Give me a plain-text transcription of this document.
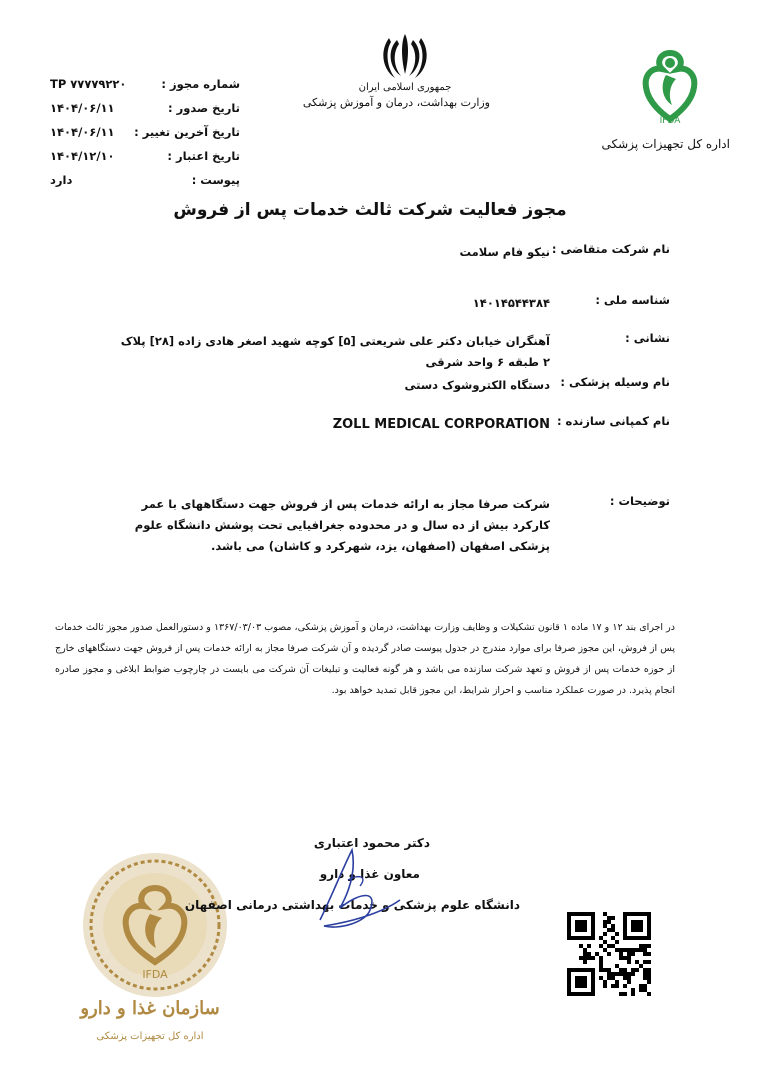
جمهوری اسلامی ایران
وزارت بهداشت، درمان و آموزش پزشکی
IFDA
اداره کل تجهیزات پزشکی
شماره مجوز :
TP ۷۷۷۷۹۲۲۰
تاریخ صدور :
۱۴۰۴/۰۶/۱۱
تاریخ آخرین تغییر :
۱۴۰۴/۰۶/۱۱
تاریخ اعتبار :
۱۴۰۴/۱۲/۱۰
پیوست :
دارد
مجوز فعالیت شرکت ثالث خدمات پس از فروش
نام شرکت متقاضی :
نیکو فام سلامت
شناسه ملی :
۱۴۰۱۴۵۴۴۳۸۴
نشانی :
آهنگران خیابان دکتر علی شریعتی [۵] کوچه شهید اصغر هادی زاده [۲۸] پلاک ۲ طبقه ۶ واحد شرقی
نام وسیله پزشکی :
دستگاه الکتروشوک دستی
نام کمپانی سازنده :
ZOLL MEDICAL CORPORATION
توضیحات :
شرکت صرفا مجاز به ارائه خدمات پس از فروش جهت دستگاههای با عمر کارکرد بیش از ده سال و در محدوده جغرافیایی تحت پوشش دانشگاه علوم پزشکی اصفهان (اصفهان، یزد، شهرکرد و کاشان) می باشد.
در اجرای بند ۱۲ و ۱۷ ماده ۱ قانون تشکیلات و وظایف وزارت بهداشت، درمان و آموزش پزشکی، مصوب ۱۳۶۷/۰۳/۰۳ و دستورالعمل صدور مجوز ثالث خدمات پس از فروش، این مجوز صرفا برای موارد مندرج در جدول پیوست صادر گردیده و آن شرکت صرفا مجاز به ارائه خدمات پس از فروش جهت دستگاههای خارج از حوزه خدمات پس از فروش و تعهد شرکت سازنده می باشد و هر گونه فعالیت و تبلیغات آن شرکت می بایست در چارچوب ضوابط ابلاغی و مجوز صادره انجام پذیرد. در صورت عملکرد مناسب و احراز شرایط، این مجوز قابل تمدید خواهد بود.
IFDA
سازمان غذا و دارو
اداره کل تجهیزات پزشکی
دکتر محمود اعتباری
معاون غذا و دارو
دانشگاه علوم پزشکی و خدمات بهداشتی درمانی اصفهان
